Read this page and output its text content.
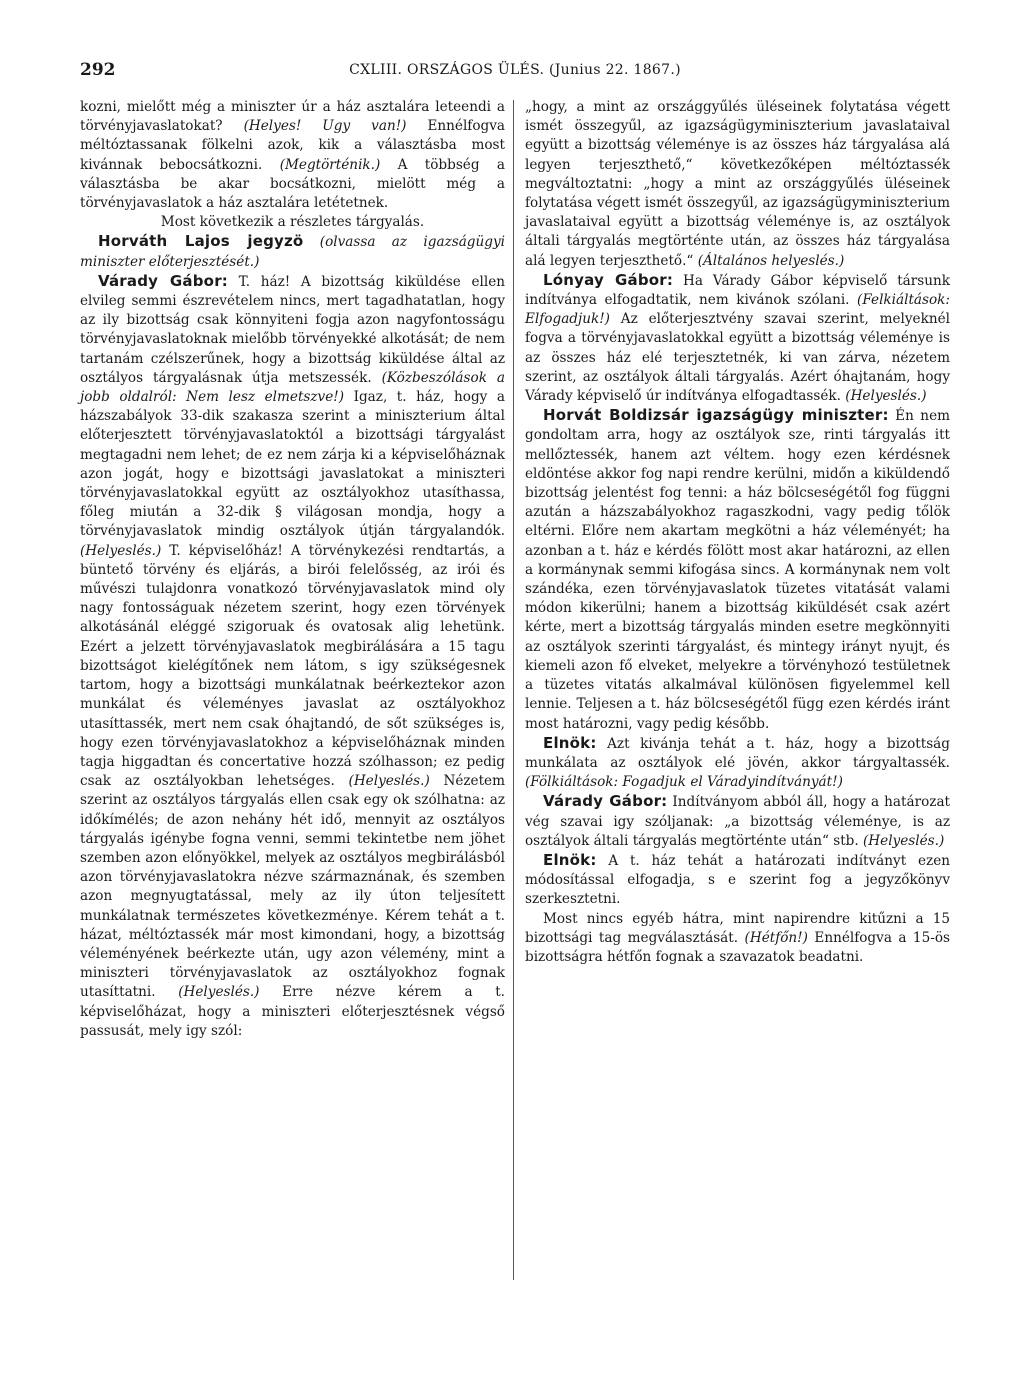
292	CXLIII. ORSZÁGOS ÜLÉS. (Junius 22. 1867.)

kozni, mielőtt még a miniszter úr a ház asztalára leteendi a törvényjavaslatokat? (Helyes! Ugy van!) Ennélfogva méltóztassanak fölkelni azok, kik a választásba most kivánnak bebocsátkozni. (Megtörténik.) A többség a választásba be akar bocsátkozni, mielött még a törvényjavaslatok a ház asztalára letétetnek.

Most következik a részletes tárgyalás.

Horváth Lajos jegyzö (olvassa az igazságügyi miniszter előterjesztését.)

Várady Gábor: T. ház! A bizottság kiküldése ellen elvileg semmi észrevételem nincs, mert tagadhatatlan, hogy az ily bizottság csak könnyiteni fogja azon nagyfontosságu törvényjavaslatoknak mielőbb törvényekké alkotását; de nem tartanám czélszerűnek, hogy a bizottság kiküldése által az osztályos tárgyalásnak útja metszessék. (Közbeszólások a jobb oldalról: Nem lesz elmetszve!) Igaz, t. ház, hogy a házszabályok 33-dik szakasza szerint a miniszterium által előterjesztett törvényjavaslatoktól a bizottsági tárgyalást megtagadni nem lehet; de ez nem zárja ki a képviselőháznak azon jogát, hogy e bizottsági javaslatokat a miniszteri törvényjavaslatokkal együtt az osztályokhoz utasíthassa, főleg miután a 32-dik § világosan mondja, hogy a törvényjavaslatok mindig osztályok útján tárgyalandók. (Helyeslés.) T. képviselőház! A törvénykezési rendtartás, a büntető törvény és eljárás, a birói felelősség, az irói és művészi tulajdonra vonatkozó törvényjavaslatok mind oly nagy fontosságuak nézetem szerint, hogy ezen törvények alkotásánál eléggé szigoruak és ovatosak alig lehetünk. Ezért a jelzett törvényjavaslatok megbirálására a 15 tagu bizottságot kielégítőnek nem látom, s igy szükségesnek tartom, hogy a bizottsági munkálatnak beérkeztekor azon munkálat és véleményes javaslat az osztályokhoz utasíttassék, mert nem csak óhajtandó, de sőt szükséges is, hogy ezen törvényjavaslatokhoz a képviselőháznak minden tagja higgadtan és concertative hozzá szólhasson; ez pedig csak az osztályokban lehetséges. (Helyeslés.) Nézetem szerint az osztályos tárgyalás ellen csak egy ok szólhatna: az időkímélés; de azon nehány hét idő, mennyit az osztályos tárgyalás igénybe fogna venni, semmi tekintetbe nem jöhet szemben azon előnyökkel, melyek az osztályos megbirálásból azon törvényjavaslatokra nézve származnának, és szemben azon megnyugtatással, mely az ily úton teljesített munkálatnak természetes következménye. Kérem tehát a t. házat, méltóztassék már most kimondani, hogy, a bizottság véleményének beérkezte után, ugy azon vélemény, mint a miniszteri törvényjavaslatok az osztályokhoz fognak utasíttatni. (Helyeslés.) Erre nézve kérem a t. képviselőházat, hogy a miniszteri előterjesztésnek végső passusát, mely igy szól:

„hogy, a mint az országgyűlés üléseinek folytatása végett ismét összegyűl, az igazságügyminiszterium javaslataival együtt a bizottság véleménye is az összes ház tárgyalása alá legyen terjeszthető,“ következőképen méltóztassék megváltoztatni: „hogy a mint az országgyűlés üléseinek folytatása végett ismét összegyűl, az igazságügyminiszterium javaslataival együtt a bizottság véleménye is, az osztályok általi tárgyalás megtörténte után, az összes ház tárgyalása alá legyen terjeszthető.“ (Általános helyeslés.)

Lónyay Gábor: Ha Várady Gábor képviselő társunk indítványa elfogadtatik, nem kivánok szólani. (Felkiáltások: Elfogadjuk!) Az előterjesztvény szavai szerint, melyeknél fogva a törvényjavaslatokkal együtt a bizottság véleménye is az összes ház elé terjesztetnék, ki van zárva, nézetem szerint, az osztályok általi tárgyalás. Azért óhajtanám, hogy Várady képviselő úr indítványa elfogadtassék. (Helyeslés.)

Horvát Boldizsár igazságügy miniszter: Én nem gondoltam arra, hogy az osztályok sze, rinti tárgyalás itt mellőztessék, hanem azt véltem. hogy ezen kérdésnek eldöntése akkor fog napi rendre kerülni, midőn a kiküldendő bizottság jelentést fog tenni: a ház bölcseségétől fog függni azután a házszabályokhoz ragaszkodni, vagy pedig tőlök eltérni. Előre nem akartam megkötni a ház véleményét; ha azonban a t. ház e kérdés fölött most akar határozni, az ellen a kormánynak semmi kifogása sincs. A kormánynak nem volt szándéka, ezen törvényjavaslatok tüzetes vitatását valami módon kikerülni; hanem a bizottság kiküldését csak azért kérte, mert a bizottság tárgyalás minden esetre megkönnyiti az osztályok szerinti tárgyalást, és mintegy irányt nyujt, és kiemeli azon fő elveket, melyekre a törvényhozó testületnek a tüzetes vitatás alkalmával különösen figyelemmel kell lennie. Teljesen a t. ház bölcseségétől függ ezen kérdés iránt most határozni, vagy pedig később.

Elnök: Azt kivánja tehát a t. ház, hogy a bizottság munkálata az osztályok elé jövén, akkor tárgyaltassék. (Fölkiáltások: Fogadjuk el Váradyindítványát!)

Várady Gábor: Indítványom abból áll, hogy a határozat vég szavai igy szóljanak: „a bizottság véleménye, is az osztályok általi tárgyalás megtörténte után“ stb. (Helyeslés.)

Elnök: A t. ház tehát a határozati indítványt ezen módosítással elfogadja, s e szerint fog a jegyzőkönyv szerkesztetni.

Most nincs egyéb hátra, mint napirendre kitűzni a 15 bizottsági tag megválasztását. (Hétfőn!) Ennélfogva a 15-ös bizottságra hétfőn fognak a szavazatok beadatni.
